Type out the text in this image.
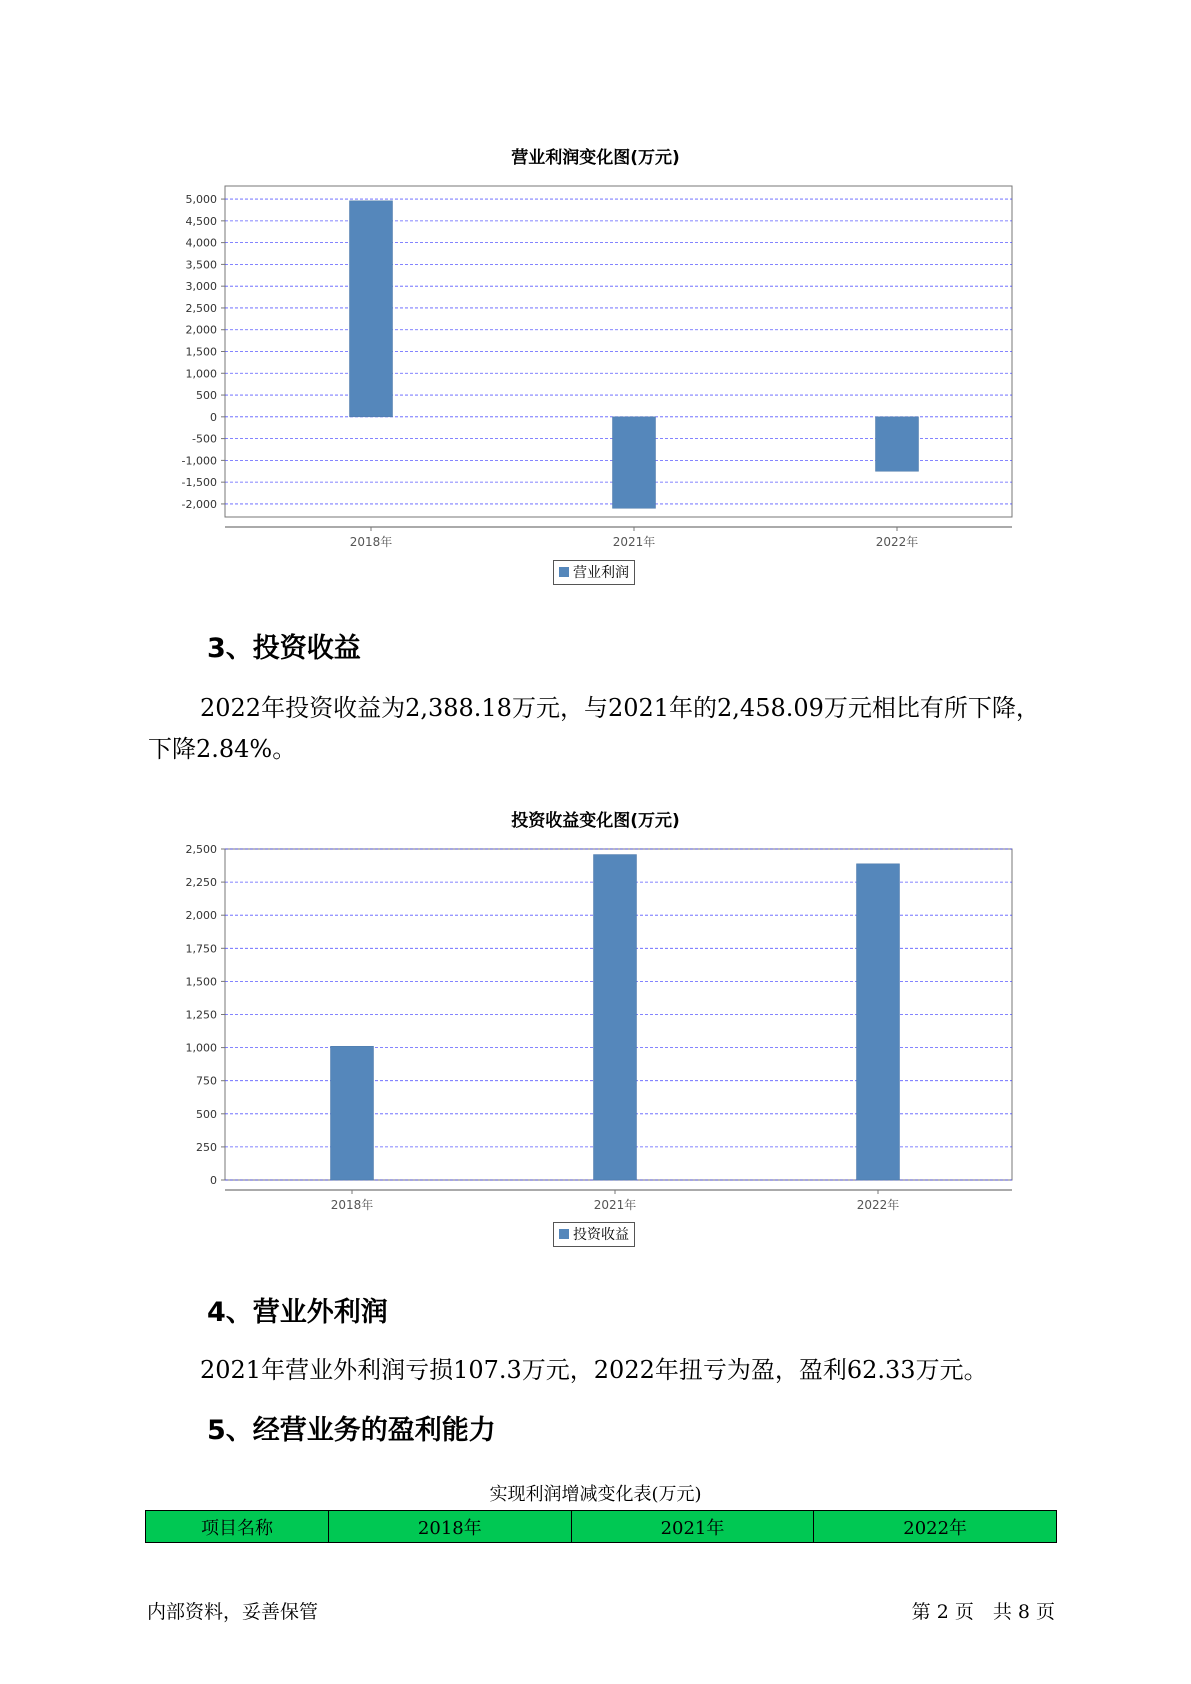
营业利润变化图(万元)
5,000
4,500
4,000
3,500
3,000
2,500
2,000
1,500
1,000
500
0
-500
-1,000
-1,500
-2,000
2018年	2021年	2022年
营业利润
3、投资收益

2022年投资收益为2,388.18万元，与2021年的2,458.09万元相比有所下降，下降2.84%。

投资收益变化图(万元)
2,500
2,250
2,000
1,750
1,500
1,250
1,000
750
500
250
0
2018年	2021年	2022年
投资收益
4、营业外利润

2021年营业外利润亏损107.3万元，2022年扭亏为盈，盈利62.33万元。

5、经营业务的盈利能力
实现利润增减变化表(万元)
项目名称	2018年	2021年	2022年
内部资料，妥善保管	第 2 页　共 8 页
